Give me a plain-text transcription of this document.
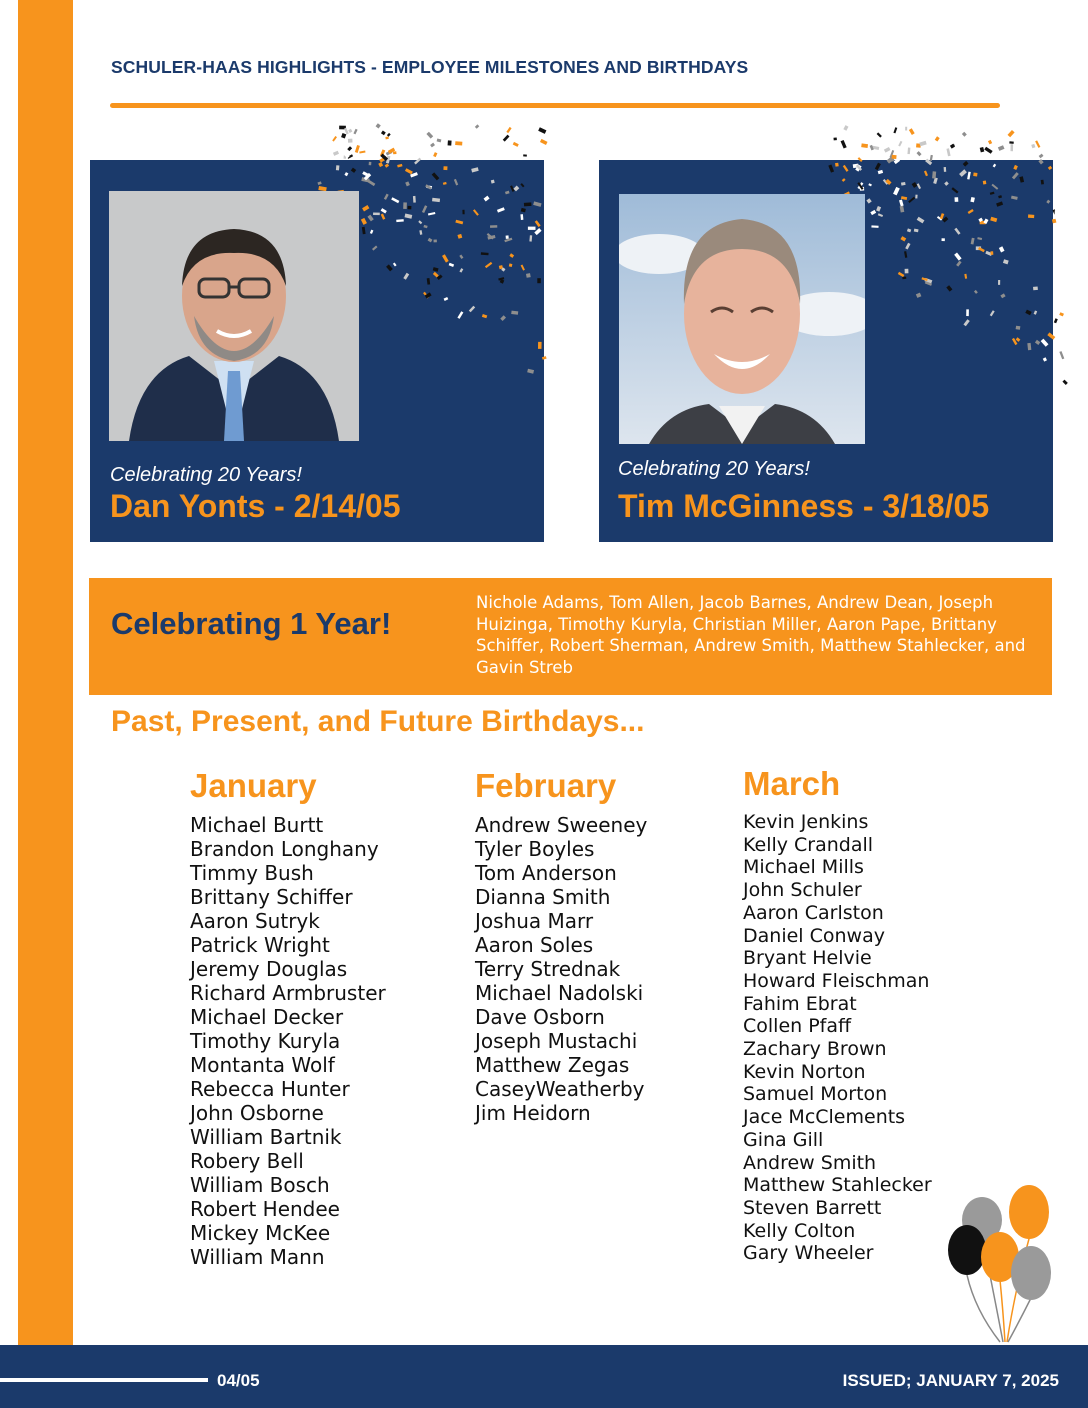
SCHULER-HAAS HIGHLIGHTS - EMPLOYEE MILESTONES AND BIRTHDAYS
Celebrating 20 Years!
Dan Yonts - 2/14/05
Celebrating 20 Years!
Tim McGinness - 3/18/05
Celebrating 1 Year!
Nichole Adams, Tom Allen, Jacob Barnes, Andrew Dean, Joseph Huizinga, Timothy Kuryla, Christian Miller, Aaron Pape, Brittany Schiffer, Robert Sherman, Andrew Smith, Matthew Stahlecker, and Gavin Streb
Past, Present, and Future Birthdays...
January
Michael Burtt
Brandon Longhany
Timmy Bush
Brittany Schiffer
Aaron Sutryk
Patrick Wright
Jeremy Douglas
Richard Armbruster
Michael Decker
Timothy Kuryla
Montanta Wolf
Rebecca Hunter
John Osborne
William Bartnik
Robery Bell
William Bosch
Robert Hendee
Mickey McKee
William Mann
February
Andrew Sweeney
Tyler Boyles
Tom Anderson
Dianna Smith
Joshua Marr
Aaron Soles
Terry Strednak
Michael Nadolski
Dave Osborn
Joseph Mustachi
Matthew Zegas
CaseyWeatherby
Jim Heidorn
March
Kevin Jenkins
Kelly Crandall
Michael Mills
John Schuler
Aaron Carlston
Daniel Conway
Bryant Helvie
Howard Fleischman
Fahim Ebrat
Collen Pfaff
Zachary Brown
Kevin Norton
Samuel Morton
Jace McClements
Gina Gill
Andrew Smith
Matthew Stahlecker
Steven Barrett
Kelly Colton
Gary Wheeler
04/05	ISSUED; JANUARY 7, 2025
